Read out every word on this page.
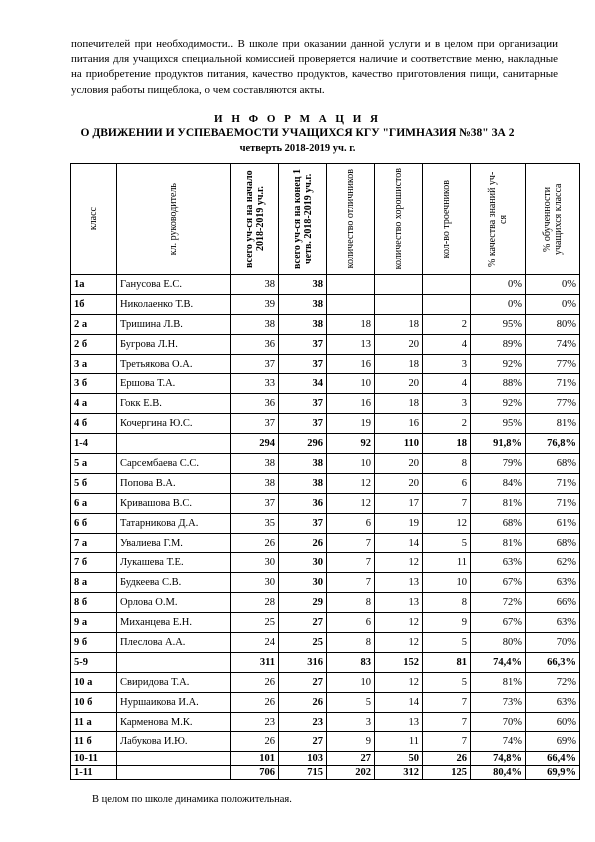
попечителей при необходимости.. В школе при оказании данной услуги и в целом при организации питания для учащихся специальной комиссией проверяется наличие и соответствие меню, накладные на приобретение продуктов питания, качество продуктов, качество приготовления пищи, санитарные условия работы пищеблока, о чем составляются акты.

И Н Ф О Р М А Ц И Я

О ДВИЖЕНИИ И УСПЕВАЕМОСТИ УЧАЩИХСЯ КГУ "ГИМНАЗИЯ №38" ЗА 2

четверть 2018-2019 уч. г.

класс	кл. руководитель	всего уч-ся на начало 2018-2019 уч.г.	всего уч-ся на конец 1 четв. 2018-2019 уч.г.	количество отличников	количество хорошистов	кол-во троечников	% качества знаний уч-ся	% обученности учащихся класса

1а	Ганусова Е.С.	38	38				0%	0%
1б	Николаенко Т.В.	39	38				0%	0%
2 а	Тришина Л.В.	38	38	18	18	2	95%	80%
2 б	Бугрова Л.Н.	36	37	13	20	4	89%	74%
3 а	Третьякова О.А.	37	37	16	18	3	92%	77%
3 б	Ершова Т.А.	33	34	10	20	4	88%	71%
4 а	Гокк Е.В.	36	37	16	18	3	92%	77%
4 б	Кочергина Ю.С.	37	37	19	16	2	95%	81%
1-4		294	296	92	110	18	91,8%	76,8%
5 а	Сарсембаева С.С.	38	38	10	20	8	79%	68%
5 б	Попова В.А.	38	38	12	20	6	84%	71%
6 а	Кривашова В.С.	37	36	12	17	7	81%	71%
6 б	Татарникова Д.А.	35	37	6	19	12	68%	61%
7 а	Увалиева Г.М.	26	26	7	14	5	81%	68%
7 б	Лукашева Т.Е.	30	30	7	12	11	63%	62%
8 а	Будкеева С.В.	30	30	7	13	10	67%	63%
8 б	Орлова О.М.	28	29	8	13	8	72%	66%
9 а	Миханцева Е.Н.	25	27	6	12	9	67%	63%
9 б	Плеслова А.А.	24	25	8	12	5	80%	70%
5-9		311	316	83	152	81	74,4%	66,3%
10 а	Свиридова Т.А.	26	27	10	12	5	81%	72%
10 б	Нуршаикова И.А.	26	26	5	14	7	73%	63%
11 а	Карменова М.К.	23	23	3	13	7	70%	60%
11 б	Лабукова И.Ю.	26	27	9	11	7	74%	69%
10-11		101	103	27	50	26	74,8%	66,4%
1-11		706	715	202	312	125	80,4%	69,9%

В целом по школе динамика положительная.
